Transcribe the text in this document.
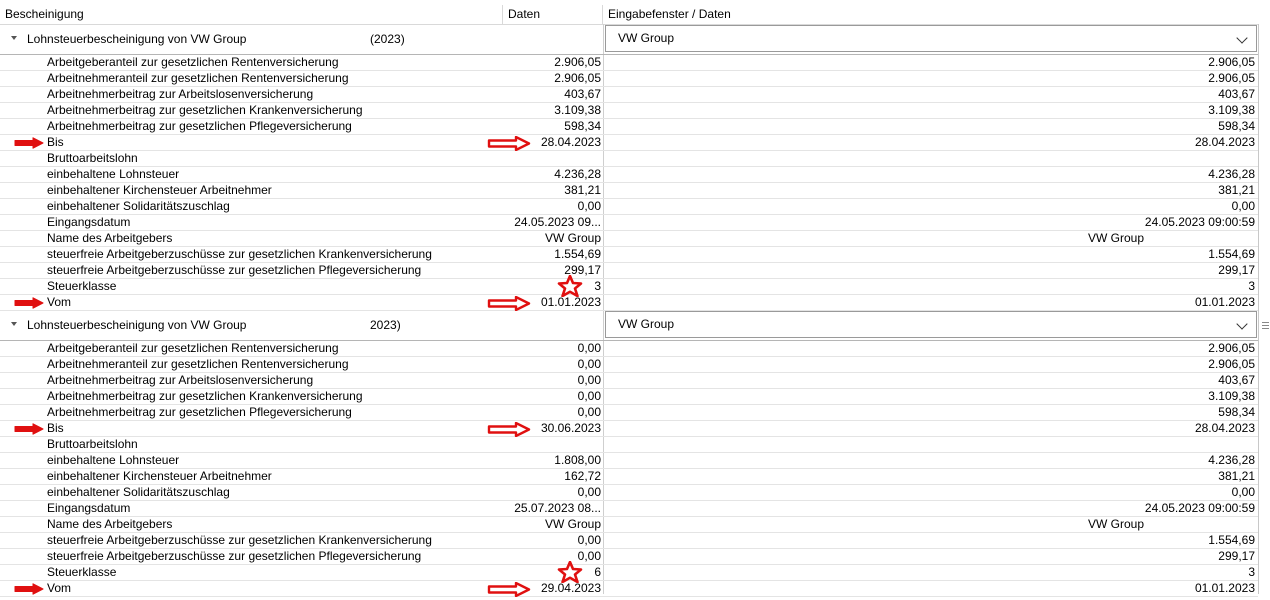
Bescheinigung	Daten	Eingabefenster / Daten
Lohnsteuerbescheinigung von VW Group	(2023)	VW Group
Arbeitgeberanteil zur gesetzlichen Rentenversicherung	2.906,05	2.906,05
Arbeitnehmeranteil zur gesetzlichen Rentenversicherung	2.906,05	2.906,05
Arbeitnehmerbeitrag zur Arbeitslosenversicherung	403,67	403,67
Arbeitnehmerbeitrag zur gesetzlichen Krankenversicherung	3.109,38	3.109,38
Arbeitnehmerbeitrag zur gesetzlichen Pflegeversicherung	598,34	598,34
Bis	28.04.2023	28.04.2023
Bruttoarbeitslohn
einbehaltene Lohnsteuer	4.236,28	4.236,28
einbehaltener Kirchensteuer Arbeitnehmer	381,21	381,21
einbehaltener Solidaritätszuschlag	0,00	0,00
Eingangsdatum	24.05.2023 09...	24.05.2023 09:00:59
Name des Arbeitgebers	VW Group	VW Group
steuerfreie Arbeitgeberzuschüsse zur gesetzlichen Krankenversicherung	1.554,69	1.554,69
steuerfreie Arbeitgeberzuschüsse zur gesetzlichen Pflegeversicherung	299,17	299,17
Steuerklasse	3	3
Vom	01.01.2023	01.01.2023
Lohnsteuerbescheinigung von VW Group	2023)	VW Group
Arbeitgeberanteil zur gesetzlichen Rentenversicherung	0,00	2.906,05
Arbeitnehmeranteil zur gesetzlichen Rentenversicherung	0,00	2.906,05
Arbeitnehmerbeitrag zur Arbeitslosenversicherung	0,00	403,67
Arbeitnehmerbeitrag zur gesetzlichen Krankenversicherung	0,00	3.109,38
Arbeitnehmerbeitrag zur gesetzlichen Pflegeversicherung	0,00	598,34
Bis	30.06.2023	28.04.2023
Bruttoarbeitslohn
einbehaltene Lohnsteuer	1.808,00	4.236,28
einbehaltener Kirchensteuer Arbeitnehmer	162,72	381,21
einbehaltener Solidaritätszuschlag	0,00	0,00
Eingangsdatum	25.07.2023 08...	24.05.2023 09:00:59
Name des Arbeitgebers	VW Group	VW Group
steuerfreie Arbeitgeberzuschüsse zur gesetzlichen Krankenversicherung	0,00	1.554,69
steuerfreie Arbeitgeberzuschüsse zur gesetzlichen Pflegeversicherung	0,00	299,17
Steuerklasse	6	3
Vom	29.04.2023	01.01.2023
